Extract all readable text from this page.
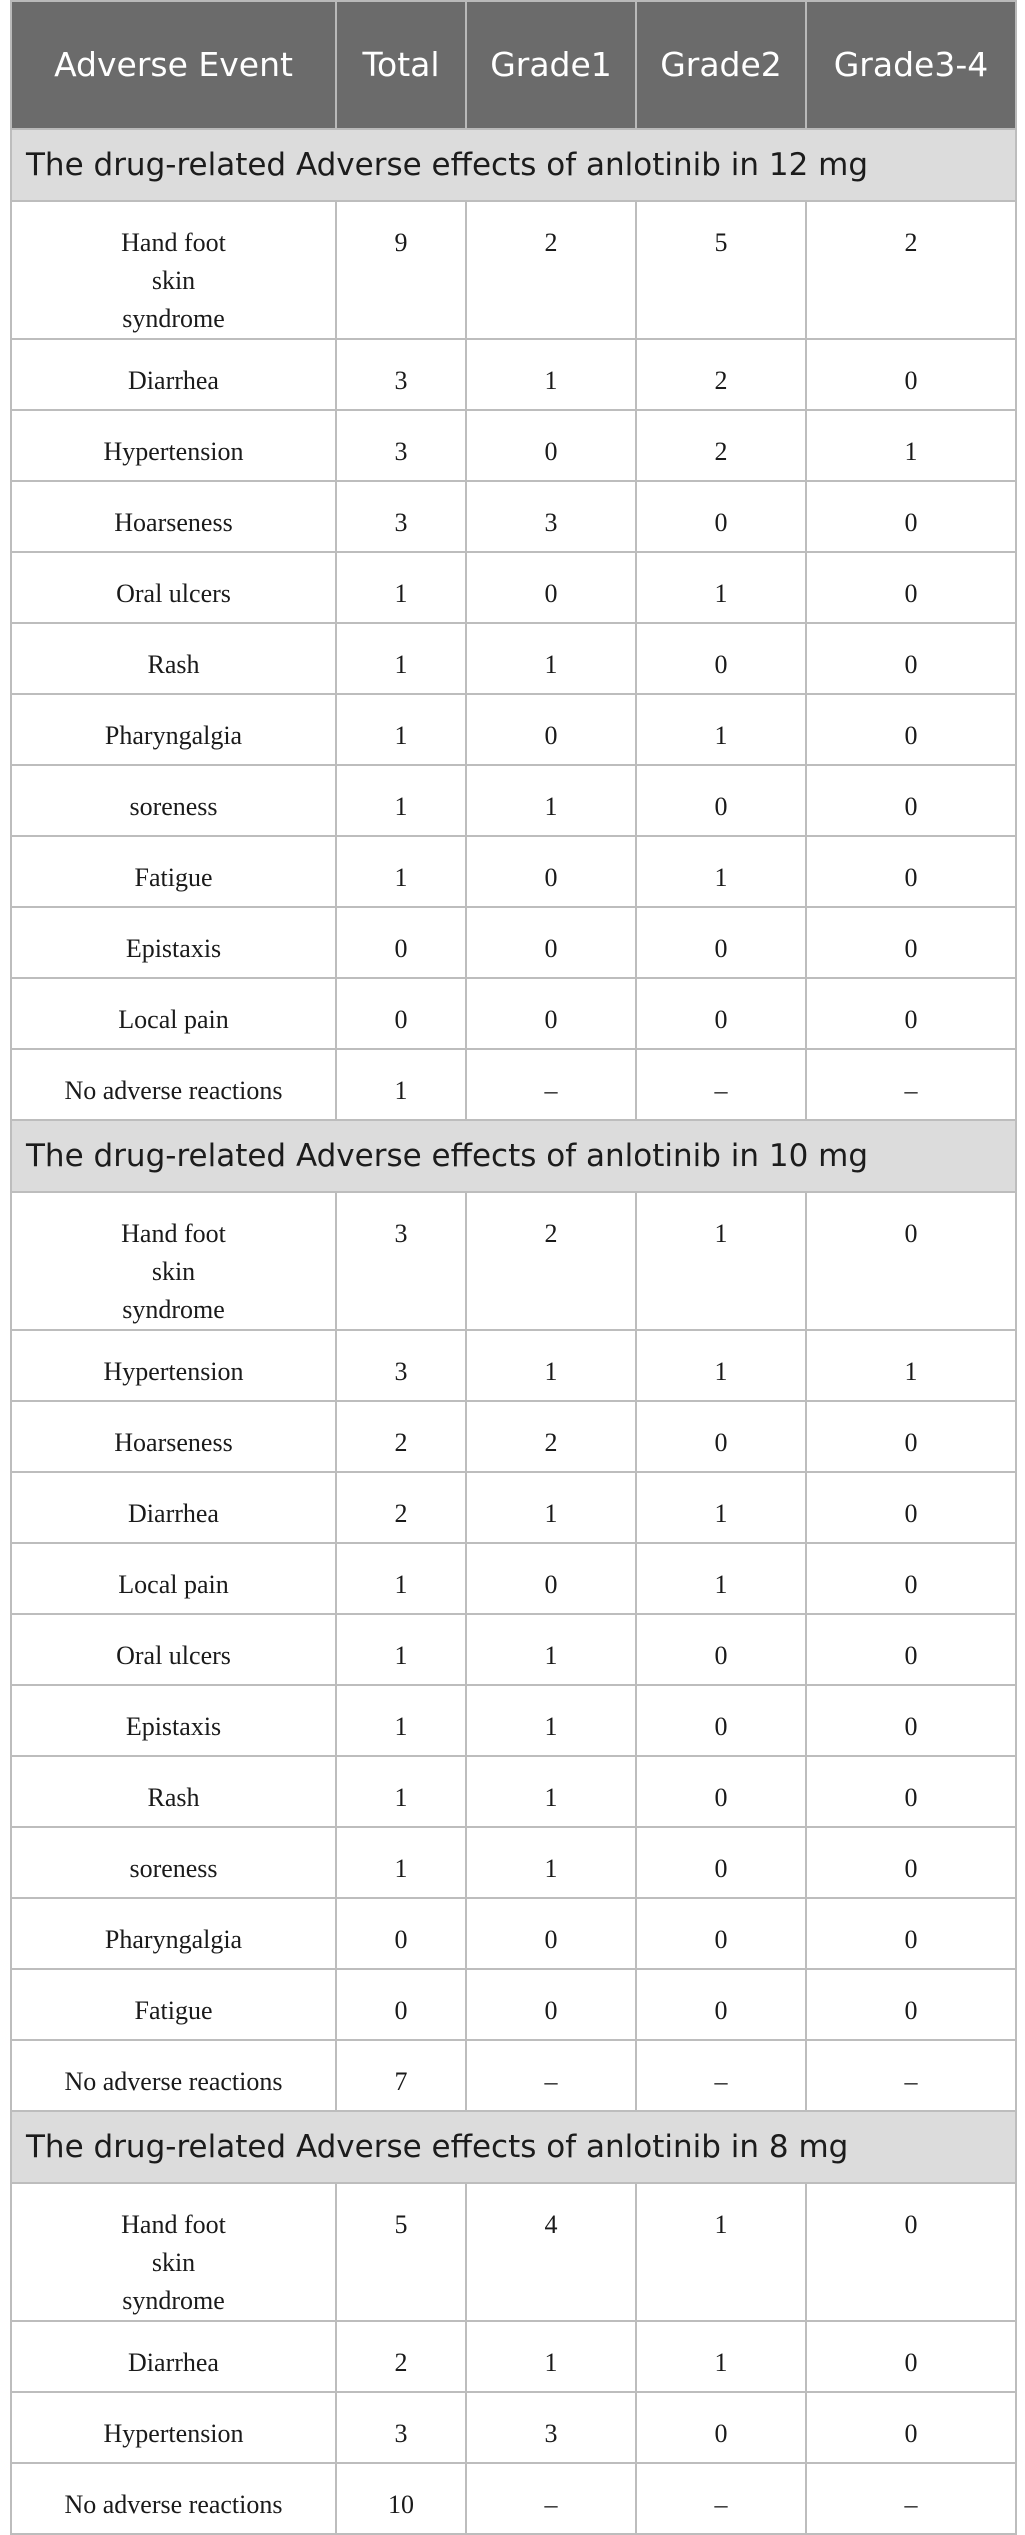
Adverse Event	Total	Grade1	Grade2	Grade3-4
The drug-related Adverse effects of anlotinib in 12 mg				
Hand foot skin syndrome	9	2	5	2
Diarrhea	3	1	2	0
Hypertension	3	0	2	1
Hoarseness	3	3	0	0
Oral ulcers	1	0	1	0
Rash	1	1	0	0
Pharyngalgia	1	0	1	0
soreness	1	1	0	0
Fatigue	1	0	1	0
Epistaxis	0	0	0	0
Local pain	0	0	0	0
No adverse reactions	1	–	–	–
The drug-related Adverse effects of anlotinib in 10 mg				
Hand foot skin syndrome	3	2	1	0
Hypertension	3	1	1	1
Hoarseness	2	2	0	0
Diarrhea	2	1	1	0
Local pain	1	0	1	0
Oral ulcers	1	1	0	0
Epistaxis	1	1	0	0
Rash	1	1	0	0
soreness	1	1	0	0
Pharyngalgia	0	0	0	0
Fatigue	0	0	0	0
No adverse reactions	7	–	–	–
The drug-related Adverse effects of anlotinib in 8 mg				
Hand foot skin syndrome	5	4	1	0
Diarrhea	2	1	1	0
Hypertension	3	3	0	0
No adverse reactions	10	–	–	–
